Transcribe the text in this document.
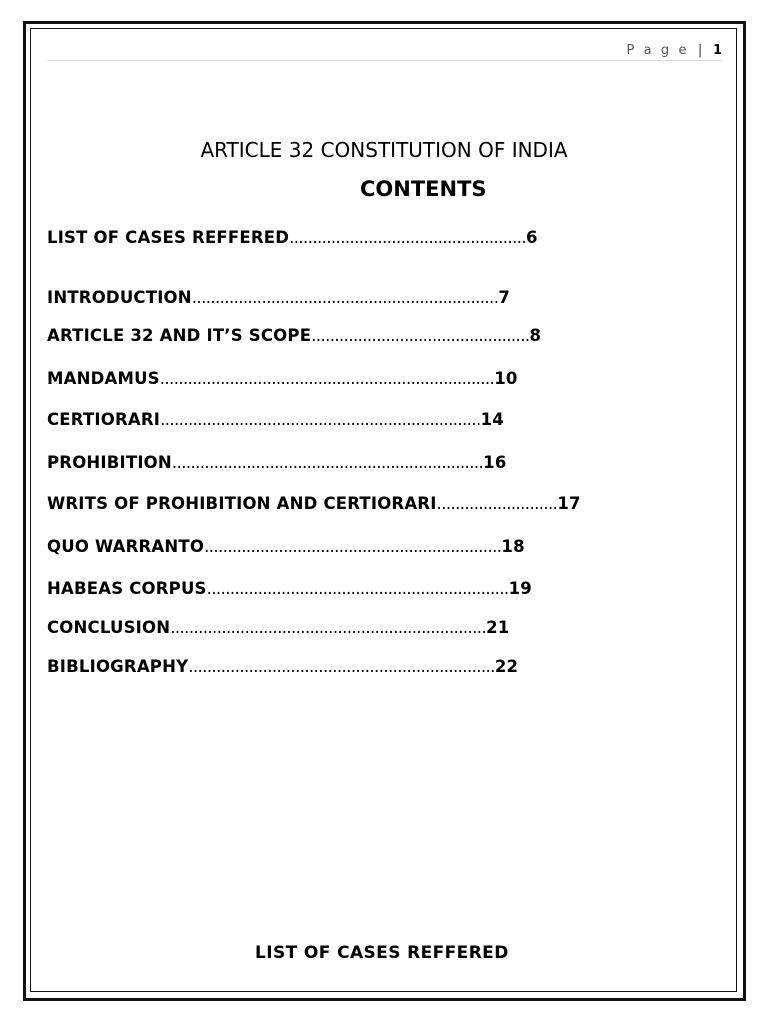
P a g e | 1
ARTICLE 32 CONSTITUTION OF INDIA
CONTENTS
LIST OF CASES REFFERED...................................................6
INTRODUCTION..................................................................7
ARTICLE 32 AND IT’S SCOPE...............................................8
MANDAMUS........................................................................10
CERTIORARI.....................................................................14
PROHIBITION...................................................................16
WRITS OF PROHIBITION AND CERTIORARI..........................17
QUO WARRANTO................................................................18
HABEAS CORPUS.................................................................19
CONCLUSION....................................................................21
BIBLIOGRAPHY..................................................................22
LIST OF CASES REFFERED
